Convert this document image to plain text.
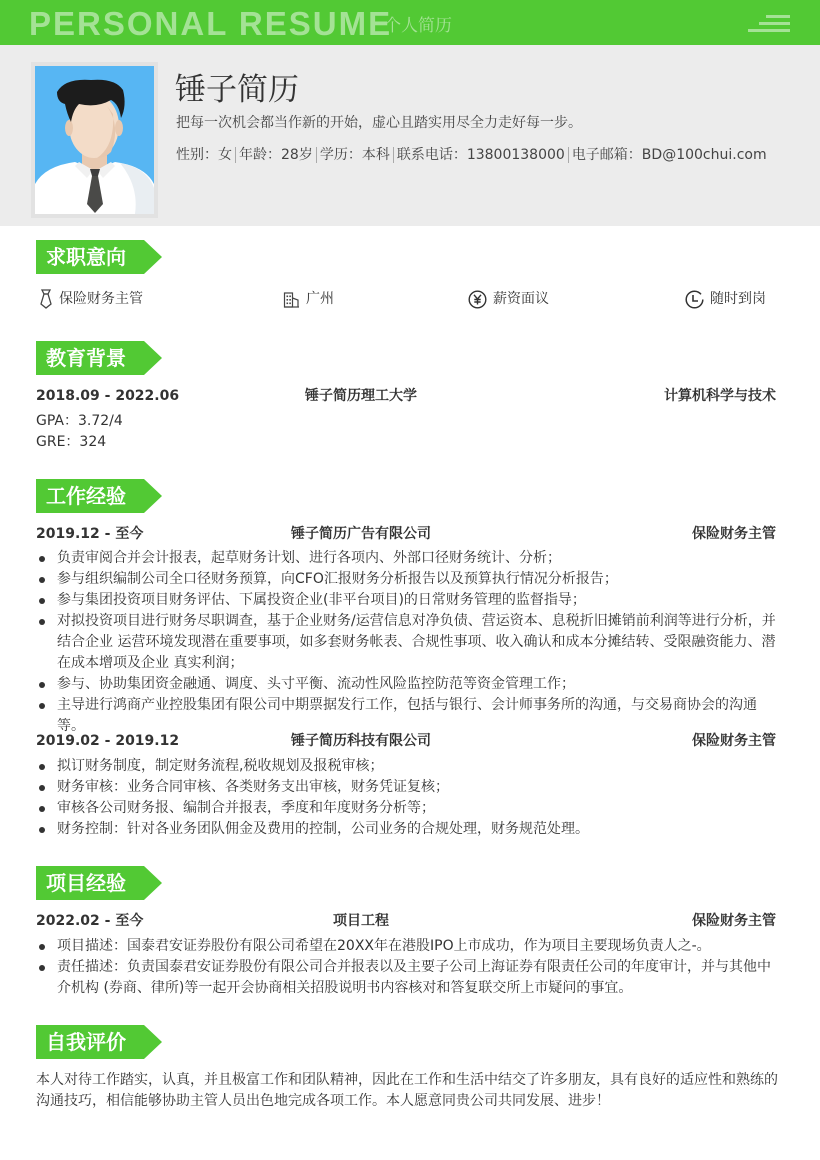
PERSONAL RESUME
个人简历
锤子简历
把每一次机会都当作新的开始，虚心且踏实用尽全力走好每一步。
性别：女 年龄：28岁 学历：本科 联系电话：13800138000 电子邮箱：BD@100chui.com
求职意向
保险财务主管	广州	薪资面议	随时到岗
教育背景
2018.09 - 2022.06	锤子简历理工大学	计算机科学与技术
GPA：3.72/4
GRE：324
工作经验
2019.12 - 至今	锤子简历广告有限公司	保险财务主管
负责审阅合并会计报表，起草财务计划、进行各项内、外部口径财务统计、分析；
参与组织编制公司全口径财务预算，向CFO汇报财务分析报告以及预算执行情况分析报告；
参与集团投资项目财务评估、下属投资企业(非平台项目)的日常财务管理的监督指导；
对拟投资项目进行财务尽职调查，基于企业财务/运营信息对净负债、营运资本、息税折旧摊销前利润等进行分析，并结合企业 运营环境发现潜在重要事项，如多套财务帐表、合规性事项、收入确认和成本分摊结转、受限融资能力、潜在成本增项及企业 真实利润；
参与、协助集团资金融通、调度、头寸平衡、流动性风险监控防范等资金管理工作；
主导进行鸿商产业控股集团有限公司中期票据发行工作，包括与银行、会计师事务所的沟通，与交易商协会的沟通等。
2019.02 - 2019.12	锤子简历科技有限公司	保险财务主管
拟订财务制度，制定财务流程,税收规划及报税审核；
财务审核：业务合同审核、各类财务支出审核，财务凭证复核；
审核各公司财务报、编制合并报表，季度和年度财务分析等；
财务控制：针对各业务团队佣金及费用的控制，公司业务的合规处理，财务规范处理。
项目经验
2022.02 - 至今	项目工程	保险财务主管
项目描述：国泰君安证券股份有限公司希望在20XX年在港股IPO上市成功，作为项目主要现场负责人之-。
责任描述：负责国泰君安证券股份有限公司合并报表以及主要子公司上海证券有限责任公司的年度审计，并与其他中介机构 (券商、律所)等一起开会协商相关招股说明书内容核对和答复联交所上市疑问的事宜。
自我评价
本人对待工作踏实，认真，并且极富工作和团队精神，因此在工作和生活中结交了许多朋友，具有良好的适应性和熟练的沟通技巧，相信能够协助主管人员出色地完成各项工作。本人愿意同贵公司共同发展、进步！
